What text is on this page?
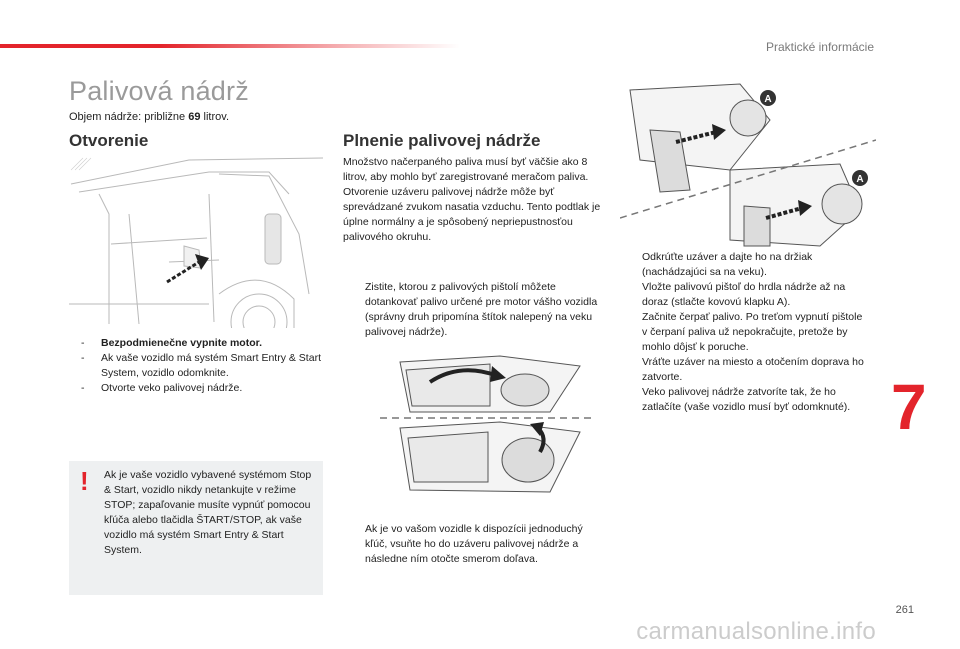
Praktické informácie
Palivová nádrž
Objem nádrže: približne 69 litrov.
Otvorenie
- Bezpodmienečne vypnite motor.
- Ak vaše vozidlo má systém Smart Entry & Start System, vozidlo odomknite.
- Otvorte veko palivovej nádrže.
! Ak je vaše vozidlo vybavené systémom Stop & Start, vozidlo nikdy netankujte v režime STOP; zapaľovanie musíte vypnúť pomocou kľúča alebo tlačidla ŠTART/STOP, ak vaše vozidlo má systém Smart Entry & Start System.
Plnenie palivovej nádrže
Množstvo načerpaného paliva musí byť väčšie ako 8 litrov, aby mohlo byť zaregistrované meračom paliva.
Otvorenie uzáveru palivovej nádrže môže byť sprevádzané zvukom nasatia vzduchu. Tento podtlak je úplne normálny a je spôsobený nepriepustnosťou palivového okruhu.
Zistite, ktorou z palivových pištolí môžete dotankovať palivo určené pre motor vášho vozidla (správny druh pripomína štítok nalepený na veku palivovej nádrže).
Ak je vo vašom vozidle k dispozícii jednoduchý kľúč, vsuňte ho do uzáveru palivovej nádrže a následne ním otočte smerom doľava.
A
A
Odkrúťte uzáver a dajte ho na držiak (nachádzajúci sa na veku).
Vložte palivovú pištoľ do hrdla nádrže až na doraz (stlačte kovovú klapku A).
Začnite čerpať palivo. Po treťom vypnutí pištole v čerpaní paliva už nepokračujte, pretože by mohlo dôjsť k poruche.
Vráťte uzáver na miesto a otočením doprava ho zatvorte.
Veko palivovej nádrže zatvoríte tak, že ho zatlačíte (vaše vozidlo musí byť odomknuté). 7
261
carmanualsonline.info
